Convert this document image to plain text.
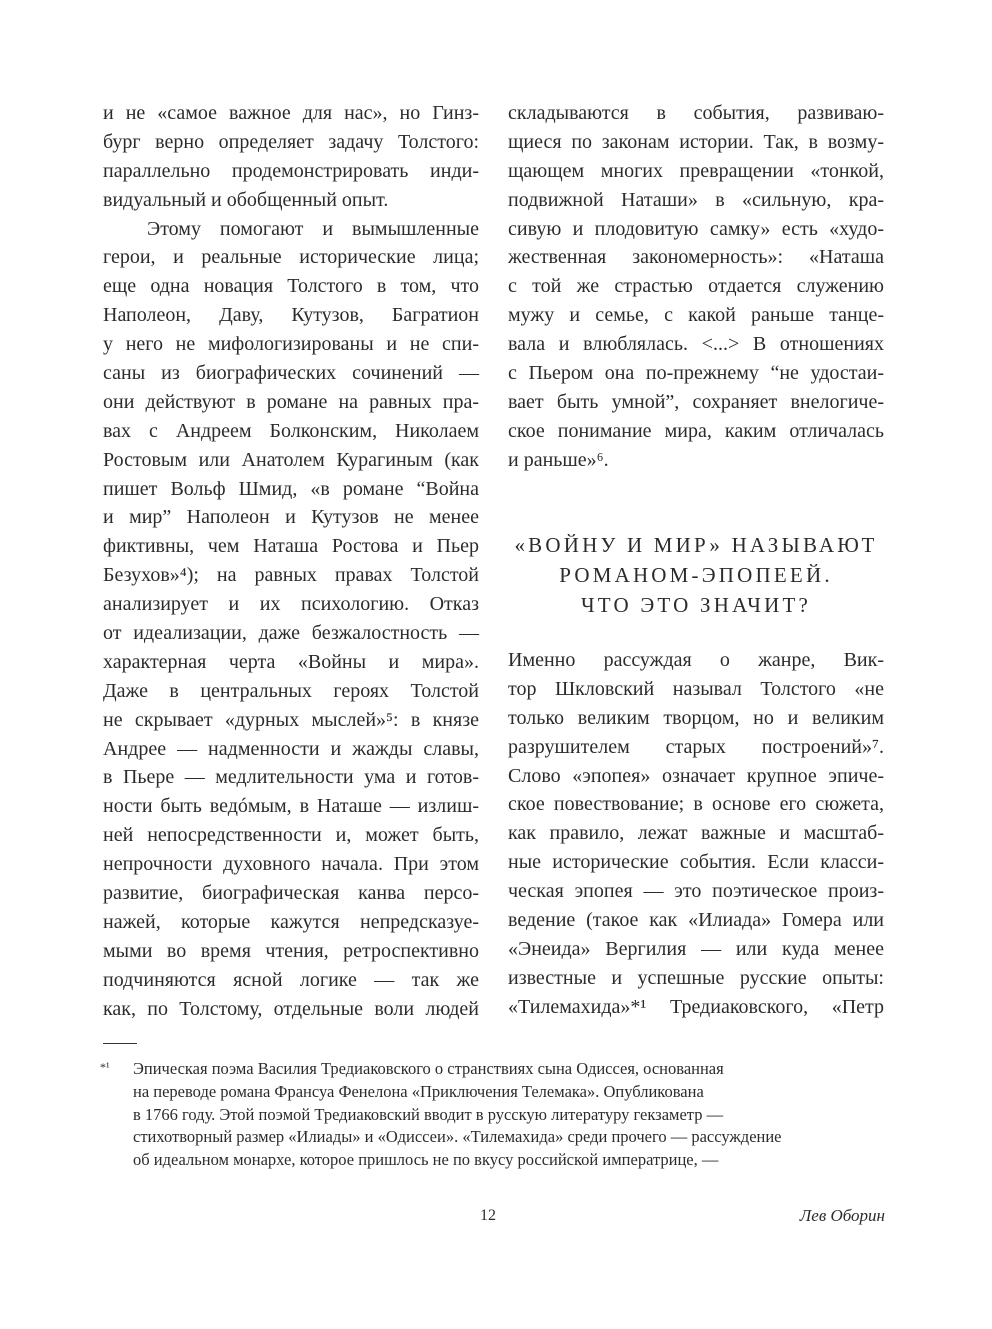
и не «самое важное для нас», но Гинз-
бург верно определяет задачу Толстого:
параллельно продемонстрировать инди-
видуальный и обобщенный опыт.
Этому помогают и вымышленные
герои, и реальные исторические лица;
еще одна новация Толстого в том, что
Наполеон, Даву, Кутузов, Багратион
у него не мифологизированы и не спи-
саны из биографических сочинений —
они действуют в романе на равных пра-
вах с Андреем Болконским, Николаем
Ростовым или Анатолем Курагиным (как
пишет Вольф Шмид, «в романе “Война
и мир” Наполеон и Кутузов не менее
фиктивны, чем Наташа Ростова и Пьер
Безухов»⁴); на равных правах Толстой
анализирует и их психологию. Отказ
от идеализации, даже безжалостность —
характерная черта «Войны и мира».
Даже в центральных героях Толстой
не скрывает «дурных мыслей»⁵: в князе
Андрее — надменности и жажды славы,
в Пьере — медлительности ума и готов-
ности быть ведóмым, в Наташе — излиш-
ней непосредственности и, может быть,
непрочности духовного начала. При этом
развитие, биографическая канва персо-
нажей, которые кажутся непредсказуе-
мыми во время чтения, ретроспективно
подчиняются ясной логике — так же
как, по Толстому, отдельные воли людей
складываются в события, развиваю-
щиеся по законам истории. Так, в возму-
щающем многих превращении «тонкой,
подвижной Наташи» в «сильную, кра-
сивую и плодовитую самку» есть «худо-
жественная закономерность»: «Наташа
с той же страстью отдается служению
мужу и семье, с какой раньше танце-
вала и влюблялась. <...> В отношениях
с Пьером она по-прежнему “не удостаи-
вает быть умной”, сохраняет внелогиче-
ское понимание мира, каким отличалась
и раньше»⁶.
«ВОЙНУ И МИР» НАЗЫВАЮТ
РОМАНОМ-ЭПОПЕЕЙ.
ЧТО ЭТО ЗНАЧИТ?
Именно рассуждая о жанре, Вик-
тор Шкловский называл Толстого «не
только великим творцом, но и великим
разрушителем старых построений»⁷.
Слово «эпопея» означает крупное эпиче-
ское повествование; в основе его сюжета,
как правило, лежат важные и масштаб-
ные исторические события. Если класси-
ческая эпопея — это поэтическое произ-
ведение (такое как «Илиада» Гомера или
«Энеида» Вергилия — или куда менее
известные и успешные русские опыты:
«Тилемахида»*¹ Тредиаковского, «Петр
*¹ Эпическая поэма Василия Тредиаковского о странствиях сына Одиссея, основанная
на переводе романа Франсуа Фенелона «Приключения Телемака». Опубликована
в 1766 году. Этой поэмой Тредиаковский вводит в русскую литературу гекзаметр —
стихотворный размер «Илиады» и «Одиссеи». «Тилемахида» среди прочего — рассуждение
об идеальном монархе, которое пришлось не по вкусу российской императрице, —
12	Лев Оборин
